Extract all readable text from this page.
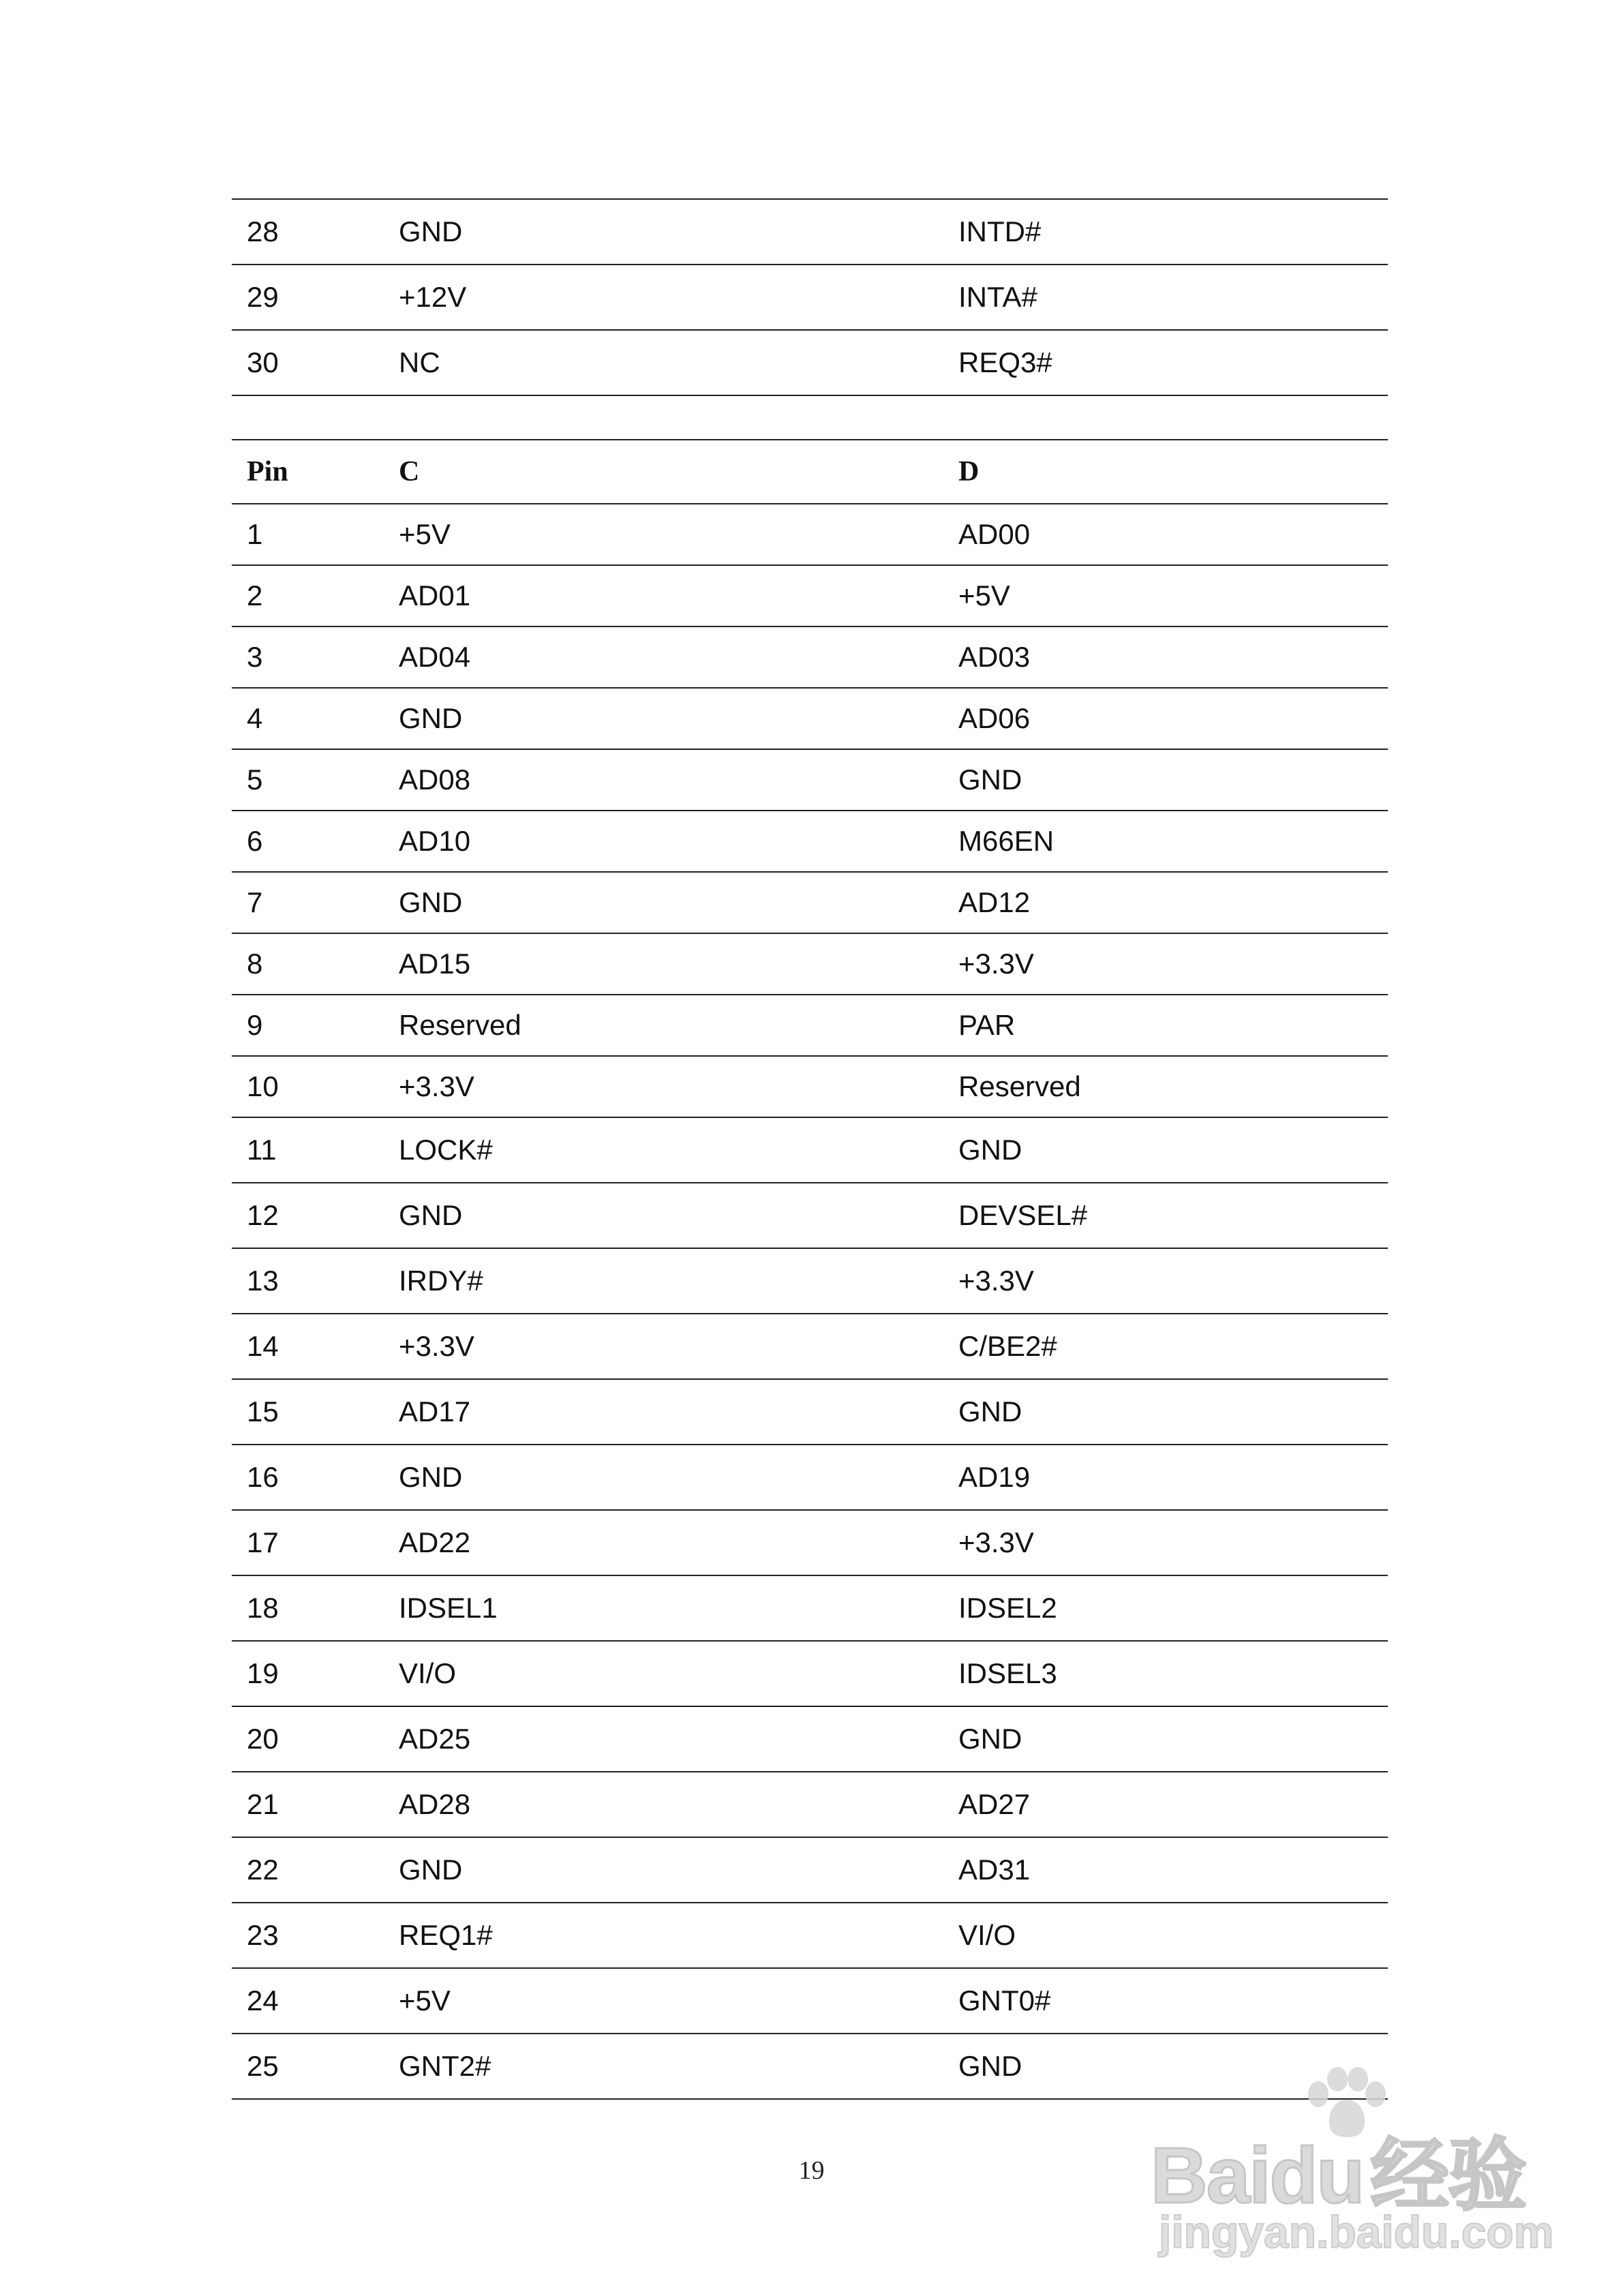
28	GND	INTD#
29	+12V	INTA#
30	NC	REQ3#
Pin	C	D
1	+5V	AD00
2	AD01	+5V
3	AD04	AD03
4	GND	AD06
5	AD08	GND
6	AD10	M66EN
7	GND	AD12
8	AD15	+3.3V
9	Reserved	PAR
10	+3.3V	Reserved
11	LOCK#	GND
12	GND	DEVSEL#
13	IRDY#	+3.3V
14	+3.3V	C/BE2#
15	AD17	GND
16	GND	AD19
17	AD22	+3.3V
18	IDSEL1	IDSEL2
19	VI/O	IDSEL3
20	AD25	GND
21	AD28	AD27
22	GND	AD31
23	REQ1#	VI/O
24	+5V	GNT0#
25	GNT2#	GND
19	Baidu经验
jingyan.baidu.com
